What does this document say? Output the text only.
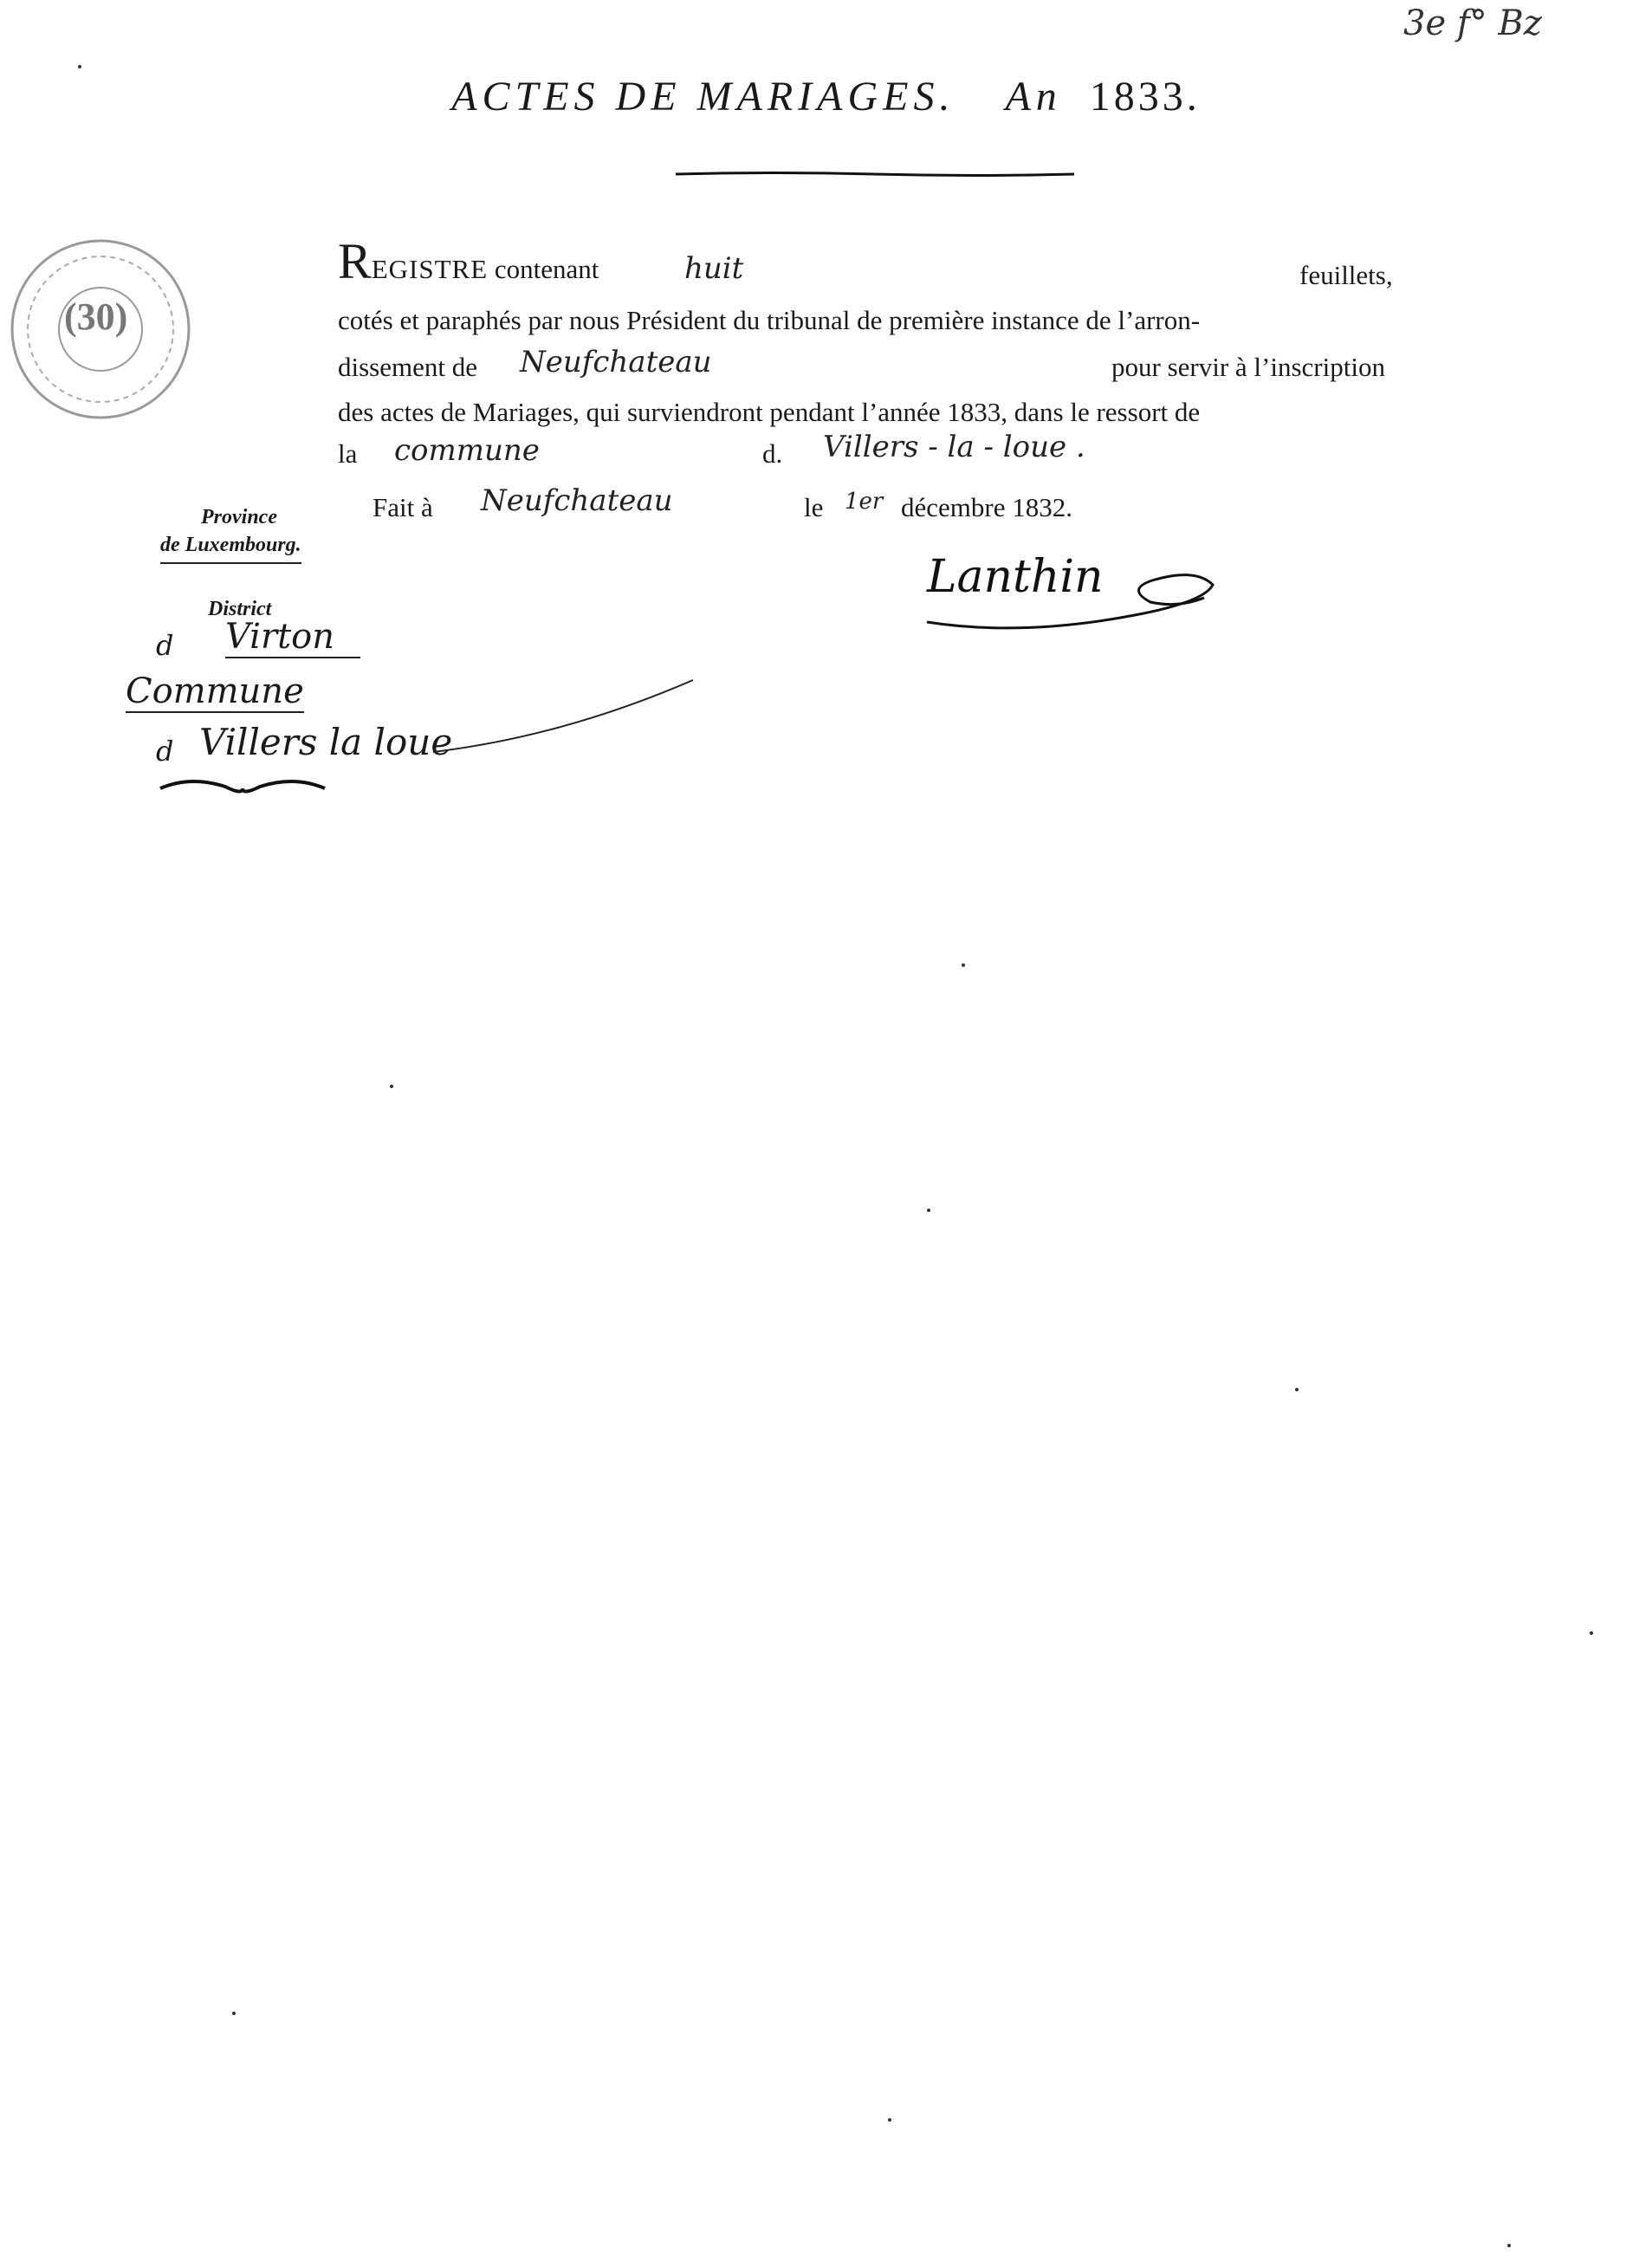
3e f° Bz
ACTES DE MARIAGES. An 1833.
(30)
REGISTRE contenant	huit	feuillets,
cotés et paraphés par nous Président du tribunal de première instance de l’arron-
dissement de Neufchateau	pour servir à l’inscription
des actes de Mariages, qui surviendront pendant l’année 1833, dans le ressort de
la commune	d. Villers - la - loue .
Fait à Neufchateau	le 1er décembre 1832.
Lanthin
Province
de Luxembourg.
District
d Virton
Commune
d Villers la loue
